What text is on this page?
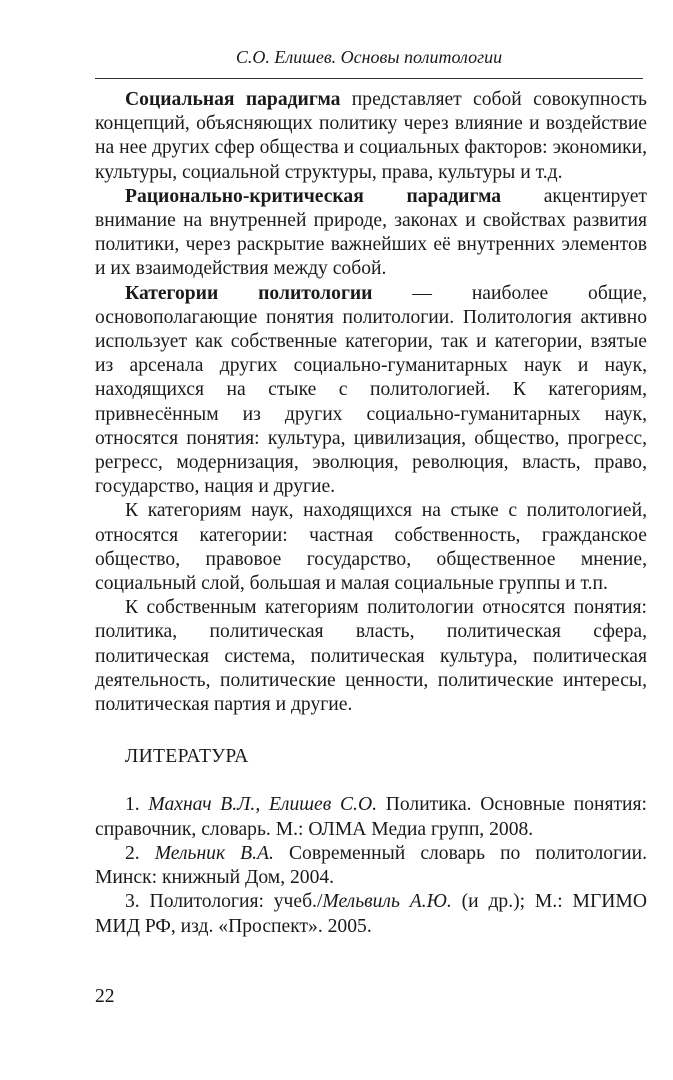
С.О. Елишев. Основы политологии

Социальная парадигма представляет собой совокупность концепций, объясняющих политику через влияние и воздействие на нее других сфер общества и социальных факторов: экономики, культуры, социальной структуры, права, культуры и т.д.

Рационально-критическая парадигма акцентирует внимание на внутренней природе, законах и свойствах развития политики, через раскрытие важнейших её внутренних элементов и их взаимодействия между собой.

Категории политологии — наиболее общие, основополагающие понятия политологии. Политология активно использует как собственные категории, так и категории, взятые из арсенала других социально-гуманитарных наук и наук, находящихся на стыке с политологией. К категориям, привнесённым из других социально-гуманитарных наук, относятся понятия: культура, цивилизация, общество, прогресс, регресс, модернизация, эволюция, революция, власть, право, государство, нация и другие.

К категориям наук, находящихся на стыке с политологией, относятся категории: частная собственность, гражданское общество, правовое государство, общественное мнение, социальный слой, большая и малая социальные группы и т.п.

К собственным категориям политологии относятся понятия: политика, политическая власть, политическая сфера, политическая система, политическая культура, политическая деятельность, политические ценности, политические интересы, политическая партия и другие.

ЛИТЕРАТУРА

1. Махнач В.Л., Елишев С.О. Политика. Основные понятия: справочник, словарь. М.: ОЛМА Медиа групп, 2008.

2. Мельник В.А. Современный словарь по политологии. Минск: книжный Дом, 2004.

3. Политология: учеб./Мельвиль А.Ю. (и др.); М.: МГИМО МИД РФ, изд. «Проспект». 2005.

22
